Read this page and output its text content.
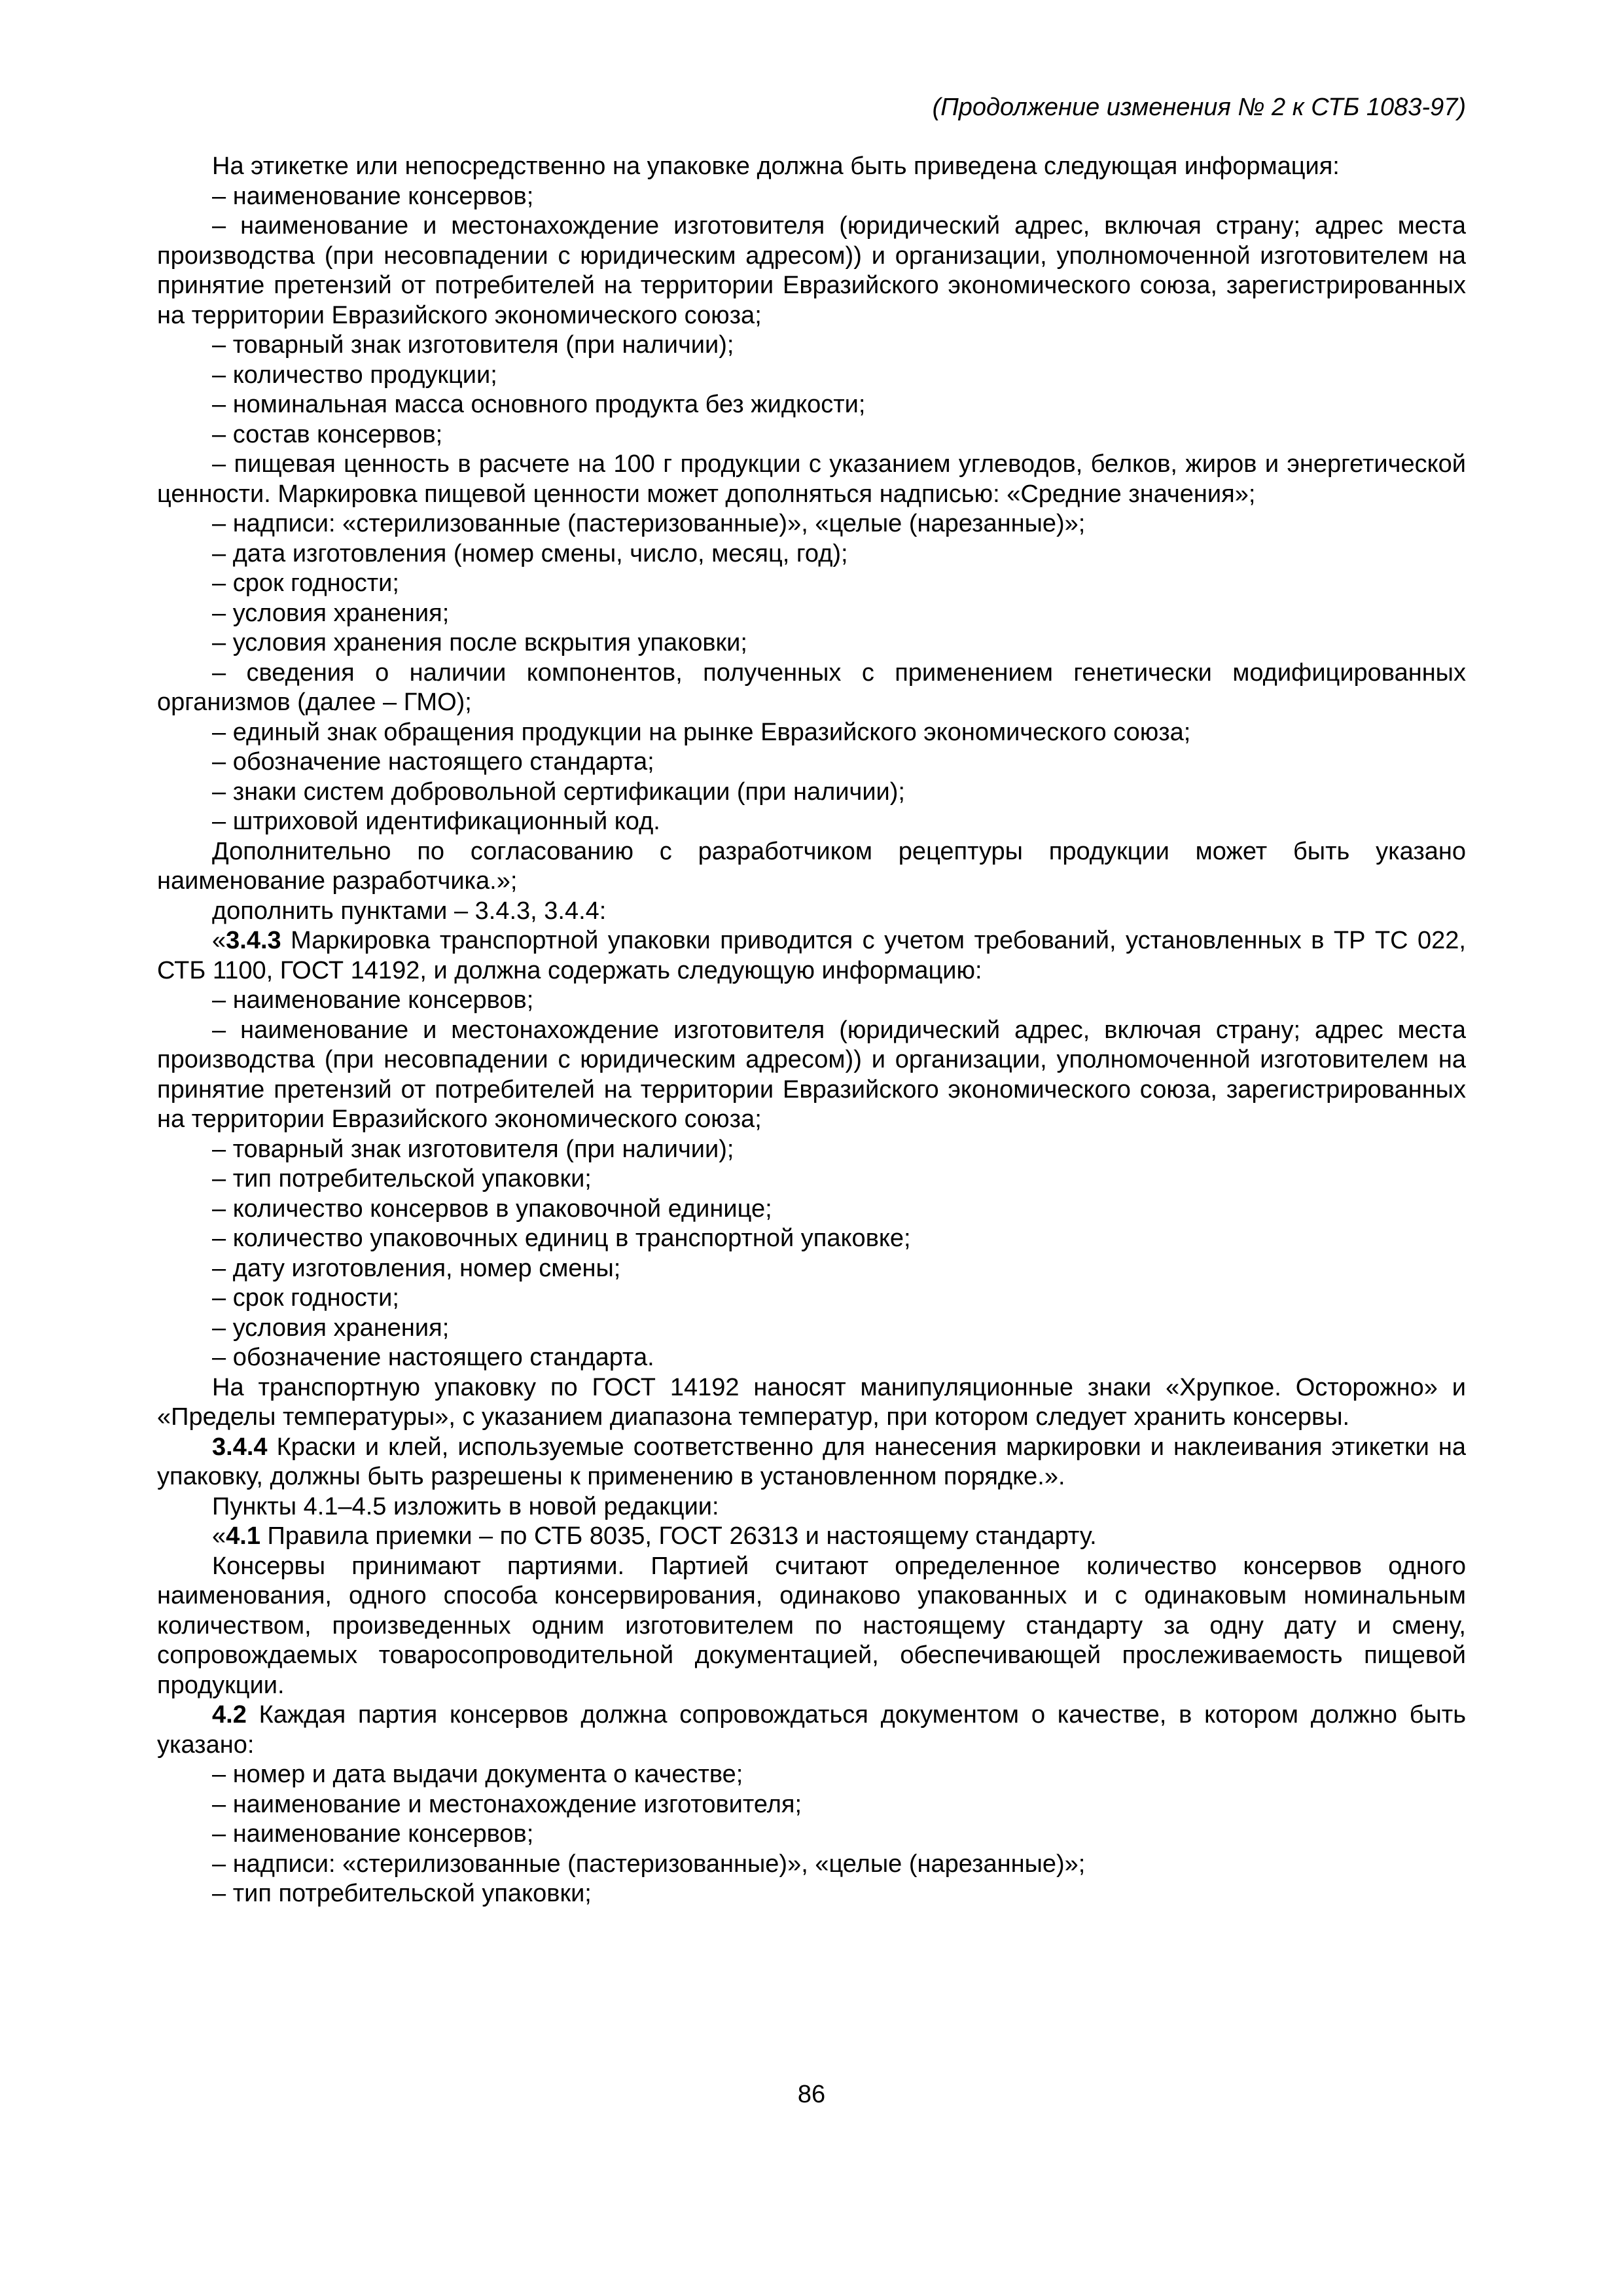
(Продолжение изменения № 2 к СТБ 1083-97)

На этикетке или непосредственно на упаковке должна быть приведена следующая информация:

– наименование консервов;

– наименование и местонахождение изготовителя (юридический адрес, включая страну; адрес места производства (при несовпадении с юридическим адресом)) и организации, уполномоченной изготовителем на принятие претензий от потребителей на территории Евразийского экономического союза, зарегистрированных на территории Евразийского экономического союза;

– товарный знак изготовителя (при наличии);

– количество продукции;

– номинальная масса основного продукта без жидкости;

– состав консервов;

– пищевая ценность в расчете на 100 г продукции с указанием углеводов, белков, жиров и энергетической ценности. Маркировка пищевой ценности может дополняться надписью: «Средние значения»;

– надписи: «стерилизованные (пастеризованные)», «целые (нарезанные)»;

– дата изготовления (номер смены, число, месяц, год);

– срок годности;

– условия хранения;

– условия хранения после вскрытия упаковки;

– сведения о наличии компонентов, полученных с применением генетически модифицированных организмов (далее – ГМО);

– единый знак обращения продукции на рынке Евразийского экономического союза;

– обозначение настоящего стандарта;

– знаки систем добровольной сертификации (при наличии);

– штриховой идентификационный код.

Дополнительно по согласованию с разработчиком рецептуры продукции может быть указано наименование разработчика.»;

дополнить пунктами – 3.4.3, 3.4.4:

«3.4.3 Маркировка транспортной упаковки приводится с учетом требований, установленных в ТР ТС 022, СТБ 1100, ГОСТ 14192, и должна содержать следующую информацию:

– наименование консервов;

– наименование и местонахождение изготовителя (юридический адрес, включая страну; адрес места производства (при несовпадении с юридическим адресом)) и организации, уполномоченной изготовителем на принятие претензий от потребителей на территории Евразийского экономического союза, зарегистрированных на территории Евразийского экономического союза;

– товарный знак изготовителя (при наличии);

– тип потребительской упаковки;

– количество консервов в упаковочной единице;

– количество упаковочных единиц в транспортной упаковке;

– дату изготовления, номер смены;

– срок годности;

– условия хранения;

– обозначение настоящего стандарта.

На транспортную упаковку по ГОСТ 14192 наносят манипуляционные знаки «Хрупкое. Осторожно» и «Пределы температуры», с указанием диапазона температур, при котором следует хранить консервы.

3.4.4 Краски и клей, используемые соответственно для нанесения маркировки и наклеивания этикетки на упаковку, должны быть разрешены к применению в установленном порядке.».

Пункты 4.1–4.5 изложить в новой редакции:

«4.1 Правила приемки – по СТБ 8035, ГОСТ 26313 и настоящему стандарту.

Консервы принимают партиями. Партией считают определенное количество консервов одного наименования, одного способа консервирования, одинаково упакованных и с одинаковым номинальным количеством, произведенных одним изготовителем по настоящему стандарту за одну дату и смену, сопровождаемых товаросопроводительной документацией, обеспечивающей прослеживаемость пищевой продукции.

4.2 Каждая партия консервов должна сопровождаться документом о качестве, в котором должно быть указано:

– номер и дата выдачи документа о качестве;

– наименование и местонахождение изготовителя;

– наименование консервов;

– надписи: «стерилизованные (пастеризованные)», «целые (нарезанные)»;

– тип потребительской упаковки;

86
